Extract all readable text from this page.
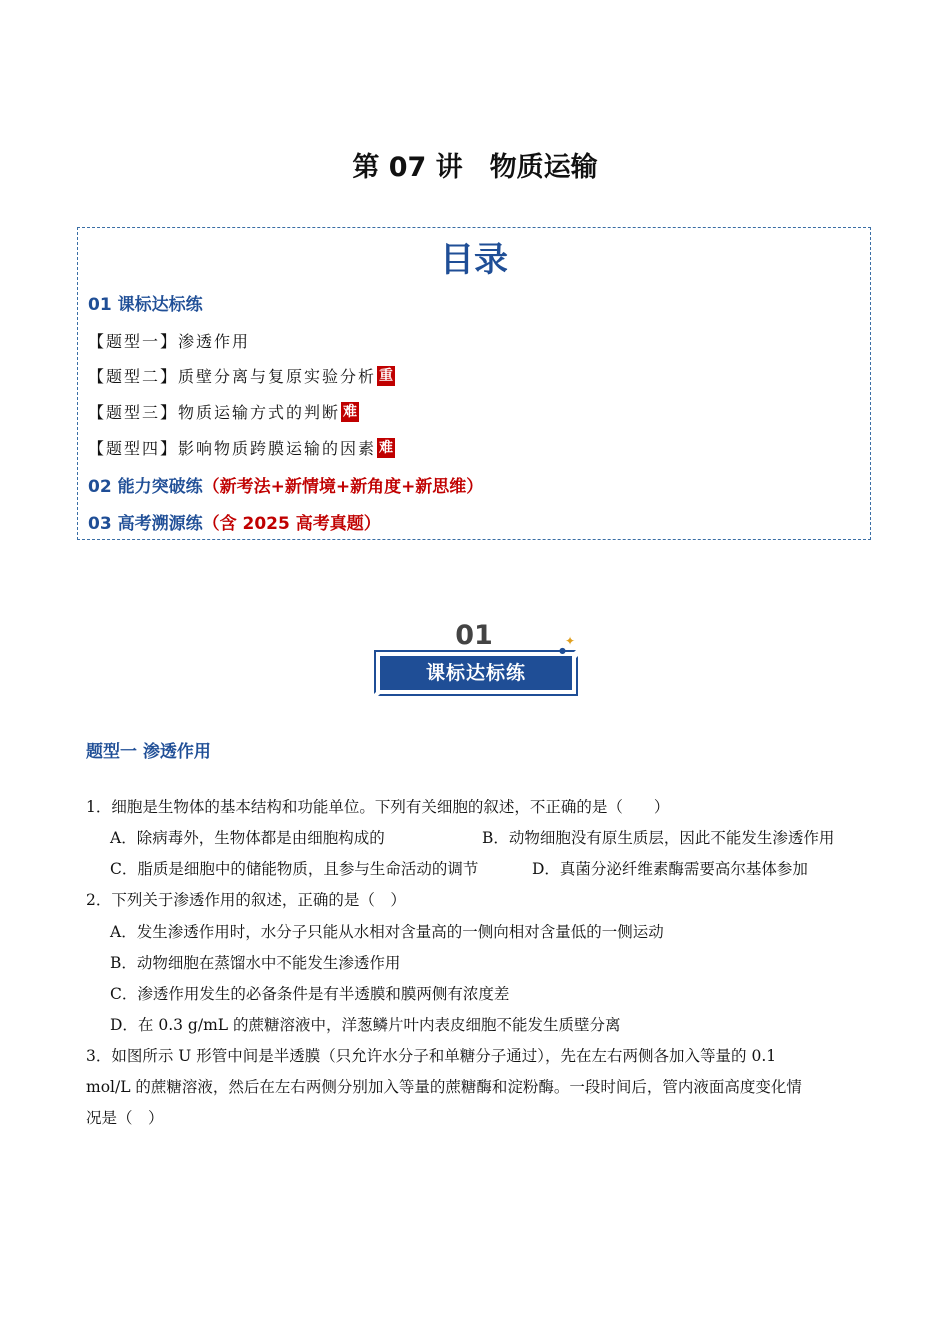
第 07 讲　物质运输
目录
01 课标达标练
【题型一】渗透作用
【题型二】质壁分离与复原实验分析 重
【题型三】物质运输方式的判断 难
【题型四】影响物质跨膜运输的因素 难
02 能力突破练（新考法+新情境+新角度+新思维）
03 高考溯源练（含 2025 高考真题）
01
课标达标练
✦
●
题型一 渗透作用
1．细胞是生物体的基本结构和功能单位。下列有关细胞的叙述，不正确的是（　　）
A．除病毒外，生物体都是由细胞构成的	B．动物细胞没有原生质层，因此不能发生渗透作用
C．脂质是细胞中的储能物质，且参与生命活动的调节	D．真菌分泌纤维素酶需要高尔基体参加
2．下列关于渗透作用的叙述，正确的是（　）
A．发生渗透作用时，水分子只能从水相对含量高的一侧向相对含量低的一侧运动
B．动物细胞在蒸馏水中不能发生渗透作用
C．渗透作用发生的必备条件是有半透膜和膜两侧有浓度差
D．在 0.3 g/mL 的蔗糖溶液中，洋葱鳞片叶内表皮细胞不能发生质壁分离
3．如图所示 U 形管中间是半透膜（只允许水分子和单糖分子通过），先在左右两侧各加入等量的 0.1
mol/L 的蔗糖溶液，然后在左右两侧分别加入等量的蔗糖酶和淀粉酶。一段时间后，管内液面高度变化情
况是（　）
